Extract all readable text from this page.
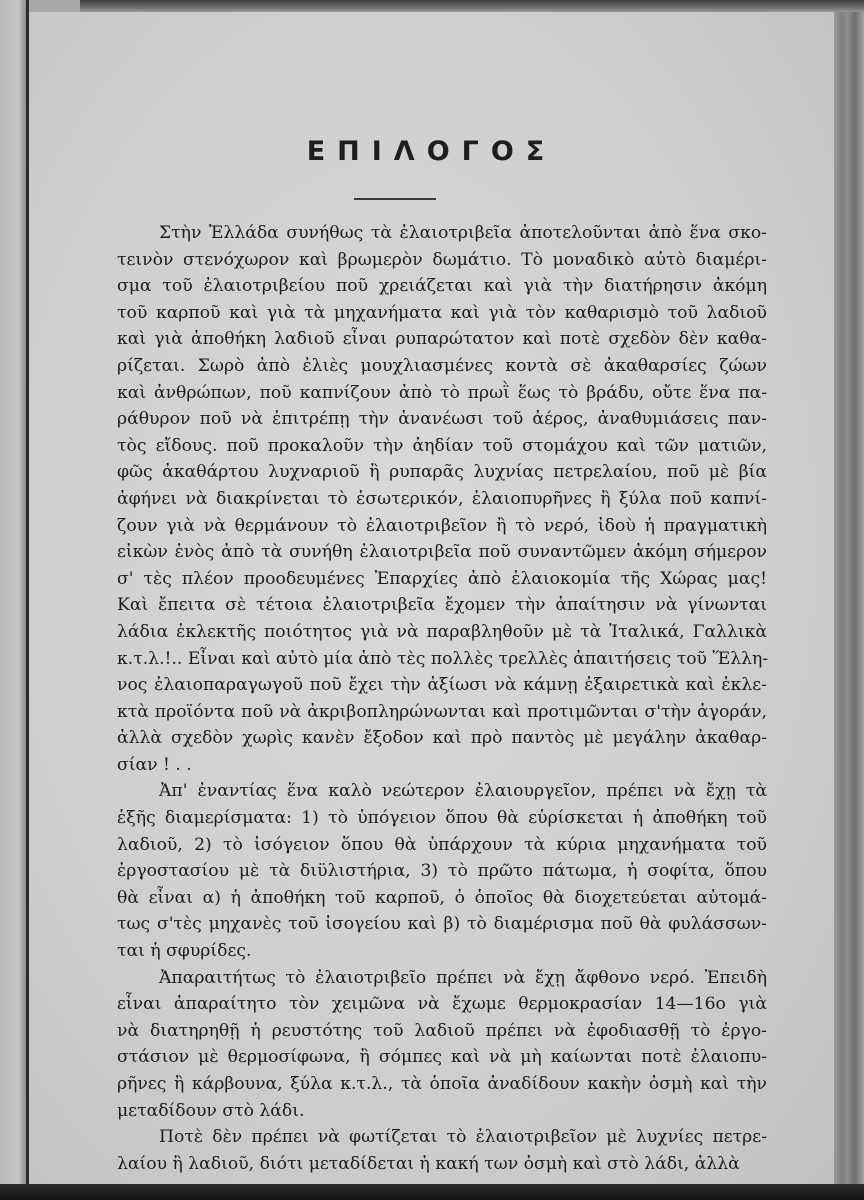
ΕΠΙΛΟΓΟΣ
Στὴν Ἑλλάδα συνήθως τὰ ἐλαιοτριβεῖα ἀποτελοῦνται ἀπὸ ἕνα σκο-
τεινὸν στενόχωρον καὶ βρωμερὸν δωμάτιο. Τὸ μοναδικὸ αὐτὸ διαμέρι-
σμα τοῦ ἐλαιοτριβείου ποῦ χρειάζεται καὶ γιὰ τὴν διατήρησιν ἀκόμη
τοῦ καρποῦ καὶ γιὰ τὰ μηχανήματα καὶ γιὰ τὸν καθαρισμὸ τοῦ λαδιοῦ
καὶ γιὰ ἀποθήκη λαδιοῦ εἶναι ρυπαρώτατον καὶ ποτὲ σχεδὸν δὲν καθα-
ρίζεται. Σωρὸ ἀπὸ ἐλιὲς μουχλιασμένες κοντὰ σὲ ἀκαθαρσίες ζώων
καὶ ἀνθρώπων, ποῦ καπνίζουν ἀπὸ τὸ πρωῒ ἕως τὸ βράδυ, οὔτε ἕνα πα-
ράθυρον ποῦ νὰ ἐπιτρέπῃ τὴν ἀνανέωσι τοῦ ἀέρος, ἀναθυμιάσεις παν-
τὸς εἴδους. ποῦ προκαλοῦν τὴν ἀηδίαν τοῦ στομάχου καὶ τῶν ματιῶν,
φῶς ἀκαθάρτου λυχναριοῦ ἢ ρυπαρᾶς λυχνίας πετρελαίου, ποῦ μὲ βία
ἀφήνει νὰ διακρίνεται τὸ ἐσωτερικόν, ἐλαιοπυρῆνες ἢ ξύλα ποῦ καπνί-
ζουν γιὰ νὰ θερμάνουν τὸ ἐλαιοτριβεῖον ἢ τὸ νερό, ἰδοὺ ἡ πραγματικὴ
εἰκὼν ἑνὸς ἀπὸ τὰ συνήθη ἐλαιοτριβεῖα ποῦ συναντῶμεν ἀκόμη σήμερον
σ' τὲς πλέον προοδευμένες Ἐπαρχίες ἀπὸ ἐλαιοκομία τῆς Χώρας μας!
Καὶ ἔπειτα σὲ τέτοια ἐλαιοτριβεῖα ἔχομεν τὴν ἀπαίτησιν νὰ γίνωνται
λάδια ἐκλεκτῆς ποιότητος γιὰ νὰ παραβληθοῦν μὲ τὰ Ἰταλικά, Γαλλικὰ
κ.τ.λ.!.. Εἶναι καὶ αὐτὸ μία ἀπὸ τὲς πολλὲς τρελλὲς ἀπαιτήσεις τοῦ Ἕλλη-
νος ἐλαιοπαραγωγοῦ ποῦ ἔχει τὴν ἀξίωσι νὰ κάμνῃ ἐξαιρετικὰ καὶ ἐκλε-
κτὰ προϊόντα ποῦ νὰ ἀκριβοπληρώνωνται καὶ προτιμῶνται σ'τὴν ἀγοράν,
ἀλλὰ σχεδὸν χωρὶς κανὲν ἔξοδον καὶ πρὸ παντὸς μὲ μεγάλην ἀκαθαρ-
σίαν ! . .
Ἀπ' ἐναντίας ἕνα καλὸ νεώτερον ἐλαιουργεῖον, πρέπει νὰ ἔχῃ τὰ
ἑξῆς διαμερίσματα: 1) τὸ ὑπόγειον ὅπου θὰ εὑρίσκεται ἡ ἀποθήκη τοῦ
λαδιοῦ, 2) τὸ ἰσόγειον ὅπου θὰ ὑπάρχουν τὰ κύρια μηχανήματα τοῦ
ἐργοστασίου μὲ τὰ διϋλιστήρια, 3) τὸ πρῶτο πάτωμα, ἡ σοφίτα, ὅπου
θὰ εἶναι α) ἡ ἀποθήκη τοῦ καρποῦ, ὁ ὁποῖος θὰ διοχετεύεται αὐτομά-
τως σ'τὲς μηχανὲς τοῦ ἰσογείου καὶ β) τὸ διαμέρισμα ποῦ θὰ φυλάσσων-
ται ἡ σφυρίδες.
Ἀπαραιτήτως τὸ ἐλαιοτριβεῖο πρέπει νὰ ἔχῃ ἄφθονο νερό. Ἐπειδὴ
εἶναι ἀπαραίτητο τὸν χειμῶνα νὰ ἔχωμε θερμοκρασίαν 14—16ο γιὰ
νὰ διατηρηθῇ ἡ ρευστότης τοῦ λαδιοῦ πρέπει νὰ ἐφοδιασθῇ τὸ ἐργο-
στάσιον μὲ θερμοσίφωνα, ἢ σόμπες καὶ νὰ μὴ καίωνται ποτὲ ἐλαιοπυ-
ρῆνες ἢ κάρβουνα, ξύλα κ.τ.λ., τὰ ὁποῖα ἀναδίδουν κακὴν ὀσμὴ καὶ τὴν
μεταδίδουν στὸ λάδι.
Ποτὲ δὲν πρέπει νὰ φωτίζεται τὸ ἐλαιοτριβεῖον μὲ λυχνίες πετρε-
λαίου ἢ λαδιοῦ, διότι μεταδίδεται ἡ κακή των ὀσμὴ καὶ στὸ λάδι, ἀλλὰ
